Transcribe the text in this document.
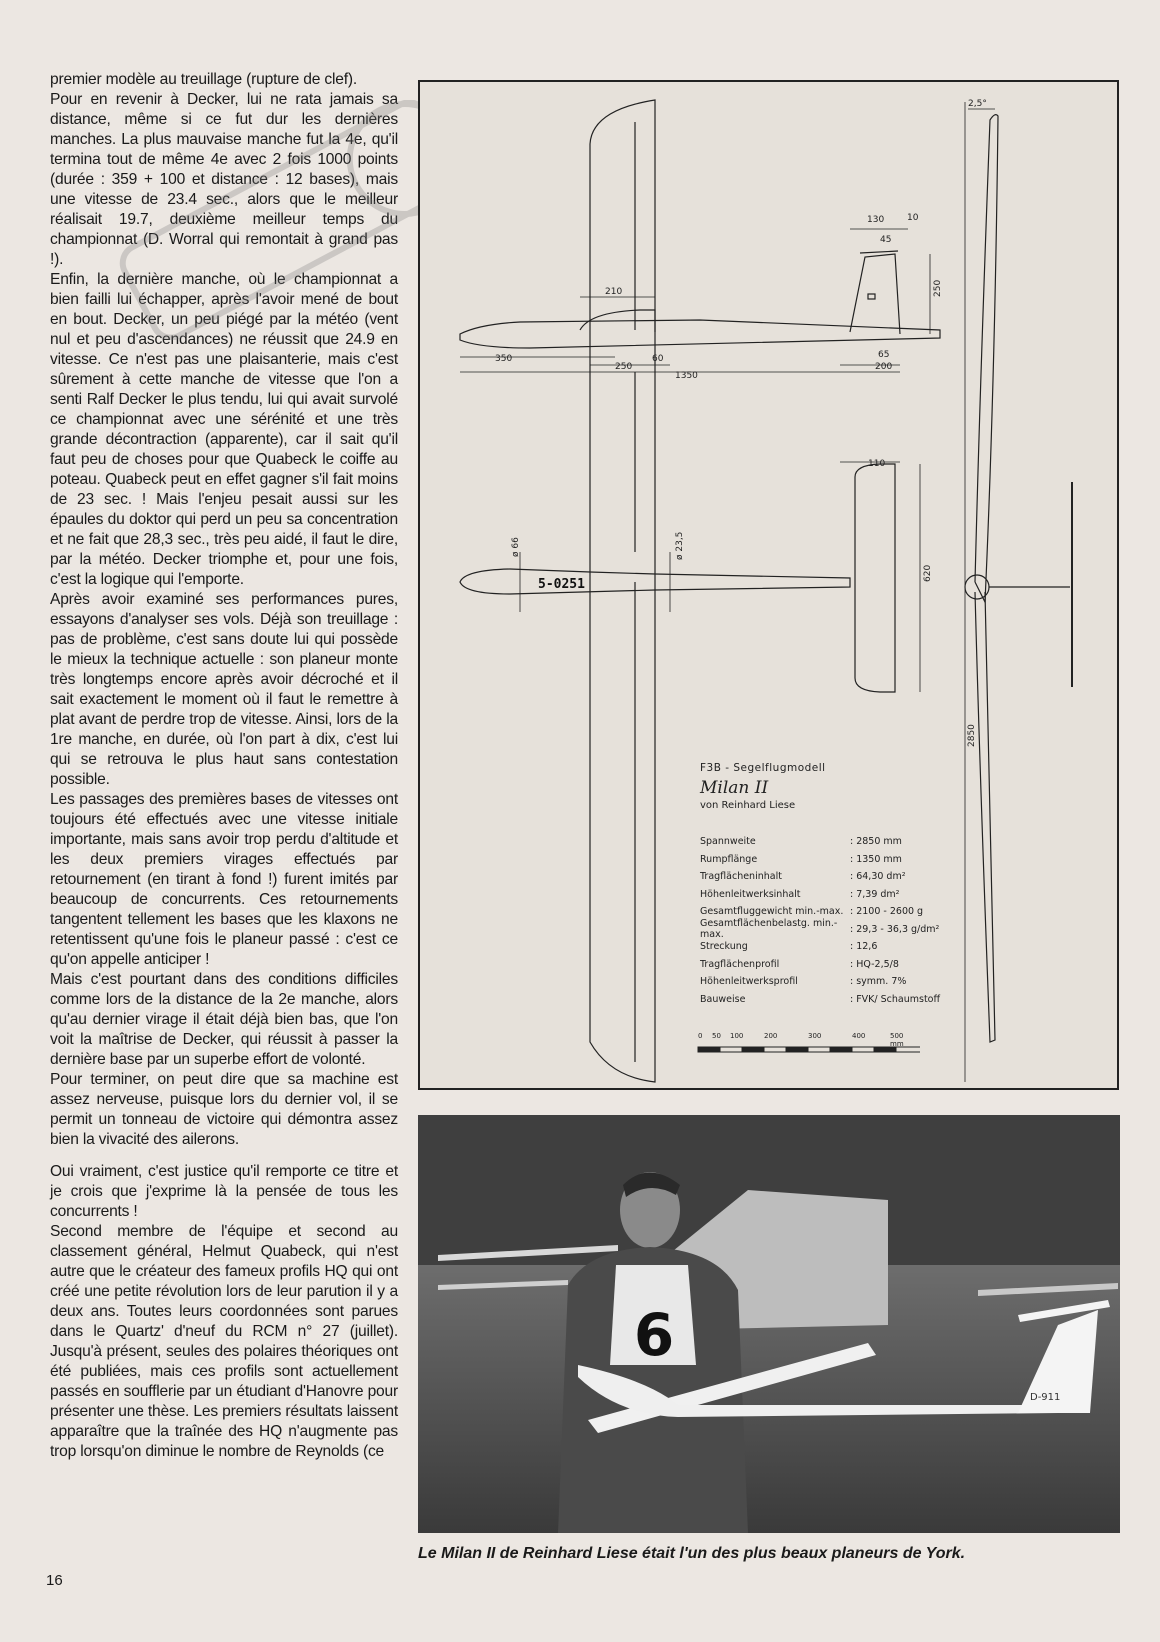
premier modèle au treuillage (rupture de clef).

Pour en revenir à Decker, lui ne rata jamais sa distance, même si ce fut dur les dernières manches. La plus mauvaise manche fut la 4e, qu'il termina tout de même 4e avec 2 fois 1000 points (durée : 359 + 100 et distance : 12 bases), mais une vitesse de 23.4 sec., alors que le meilleur réalisait 19.7, deuxième meilleur temps du championnat (D. Worral qui remontait à grand pas !).

Enfin, la dernière manche, où le championnat a bien failli lui échapper, après l'avoir mené de bout en bout. Decker, un peu piégé par la météo (vent nul et peu d'ascendances) ne réussit que 24.9 en vitesse. Ce n'est pas une plaisanterie, mais c'est sûrement à cette manche de vitesse que l'on a senti Ralf Decker le plus tendu, lui qui avait survolé ce championnat avec une sérénité et une très grande décontraction (apparente), car il sait qu'il faut peu de choses pour que Quabeck le coiffe au poteau. Quabeck peut en effet gagner s'il fait moins de 23 sec. ! Mais l'enjeu pesait aussi sur les épaules du doktor qui perd un peu sa concentration et ne fait que 28,3 sec., très peu aidé, il faut le dire, par la météo. Decker triomphe et, pour une fois, c'est la logique qui l'emporte.

Après avoir examiné ses performances pures, essayons d'analyser ses vols. Déjà son treuillage : pas de problème, c'est sans doute lui qui possède le mieux la technique actuelle : son planeur monte très longtemps encore après avoir décroché et il sait exactement le moment où il faut le remettre à plat avant de perdre trop de vitesse. Ainsi, lors de la 1re manche, en durée, où l'on part à dix, c'est lui qui se retrouva le plus haut sans contestation possible.

Les passages des premières bases de vitesses ont toujours été effectués avec une vitesse initiale importante, mais sans avoir trop perdu d'altitude et les deux premiers virages effectués par retournement (en tirant à fond !) furent imités par beaucoup de concurrents. Ces retournements tangentent tellement les bases que les klaxons ne retentissent qu'une fois le planeur passé : c'est ce qu'on appelle anticiper !

Mais c'est pourtant dans des conditions difficiles comme lors de la distance de la 2e manche, alors qu'au dernier virage il était déjà bien bas, que l'on voit la maîtrise de Decker, qui réussit à passer la dernière base par un superbe effort de volonté.

Pour terminer, on peut dire que sa machine est assez nerveuse, puisque lors du dernier vol, il se permit un tonneau de victoire qui démontra assez bien la vivacité des ailerons.

Oui vraiment, c'est justice qu'il remporte ce titre et je crois que j'exprime là la pensée de tous les concurrents !

Second membre de l'équipe et second au classement général, Helmut Quabeck, qui n'est autre que le créateur des fameux profils HQ qui ont créé une petite révolution lors de leur parution il y a deux ans. Toutes leurs coordonnées sont parues dans le Quartz' d'neuf du RCM n° 27 (juillet). Jusqu'à présent, seules des polaires théoriques ont été publiées, mais ces profils sont actuellement passés en soufflerie par un étudiant d'Hanovre pour présenter une thèse. Les premiers résultats laissent apparaître que la traînée des HQ n'augmente pas trop lorsqu'on diminue le nombre de Reynolds (ce

16
130	10
45
250
210
350	60
250
65
200
1350
110
620
ø 66	ø 23,5
2850
2,5°
5-0251
F3B - Segelflugmodell
Milan II
von Reinhard Liese
Spannweite	: 2850 mm
Rumpflänge	: 1350 mm
Tragflächeninhalt	: 64,30 dm²
Höhenleitwerksinhalt	: 7,39 dm²
Gesamtfluggewicht min.-max. : 2100 - 2600 g
Gesamtflächenbelastg. min.-max.	: 29,3 - 36,3 g/dm²
Streckung	: 12,6
Tragflächenprofil	: HQ-2,5/8
Höhenleitwerksprofil	: symm. 7%
Bauweise	: FVK/ Schaumstoff
0 50 100	200	300	400	500 mm
6
D-911
Le Milan II de Reinhard Liese était l'un des plus beaux planeurs de York.
